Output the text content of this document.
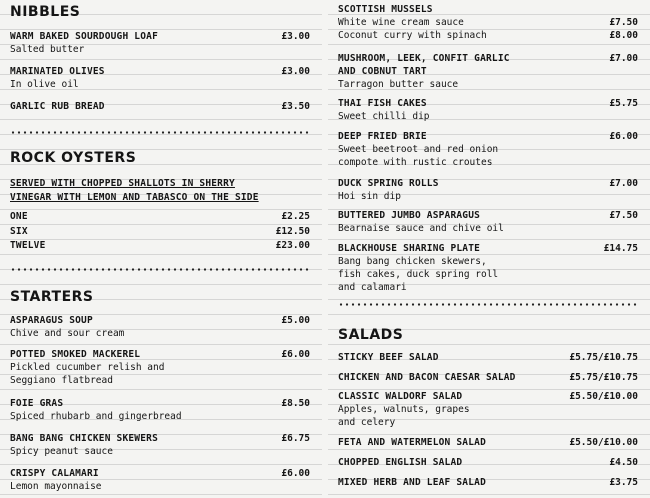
NIBBLES
WARM BAKED SOURDOUGH LOAF	£3.00
Salted butter
MARINATED OLIVES	£3.00
In olive oil
GARLIC RUB BREAD	£3.50
ROCK OYSTERS
SERVED WITH CHOPPED SHALLOTS IN SHERRY
VINEGAR WITH LEMON AND TABASCO ON THE SIDE
ONE	£2.25
SIX	£12.50
TWELVE	£23.00
STARTERS
ASPARAGUS SOUP	£5.00
Chive and sour cream
POTTED SMOKED MACKEREL	£6.00
Pickled cucumber relish and
Seggiano flatbread
FOIE GRAS	£8.50
Spiced rhubarb and gingerbread
BANG BANG CHICKEN SKEWERS	£6.75
Spicy peanut sauce
CRISPY CALAMARI	£6.00
Lemon mayonnaise
SCOTTISH MUSSELS
White wine cream sauce	£7.50
Coconut curry with spinach	£8.00
MUSHROOM, LEEK, CONFIT GARLIC	£7.00
AND COBNUT TART
Tarragon butter sauce
THAI FISH CAKES	£5.75
Sweet chilli dip
DEEP FRIED BRIE	£6.00
Sweet beetroot and red onion
compote with rustic croutes
DUCK SPRING ROLLS	£7.00
Hoi sin dip
BUTTERED JUMBO ASPARAGUS	£7.50
Bearnaise sauce and chive oil
BLACKHOUSE SHARING PLATE	£14.75
Bang bang chicken skewers,
fish cakes, duck spring roll
and calamari
SALADS
STICKY BEEF SALAD	£5.75/£10.75
CHICKEN AND BACON CAESAR SALAD	£5.75/£10.75
CLASSIC WALDORF SALAD	£5.50/£10.00
Apples, walnuts, grapes
and celery
FETA AND WATERMELON SALAD	£5.50/£10.00
CHOPPED ENGLISH SALAD	£4.50
MIXED HERB AND LEAF SALAD	£3.75
